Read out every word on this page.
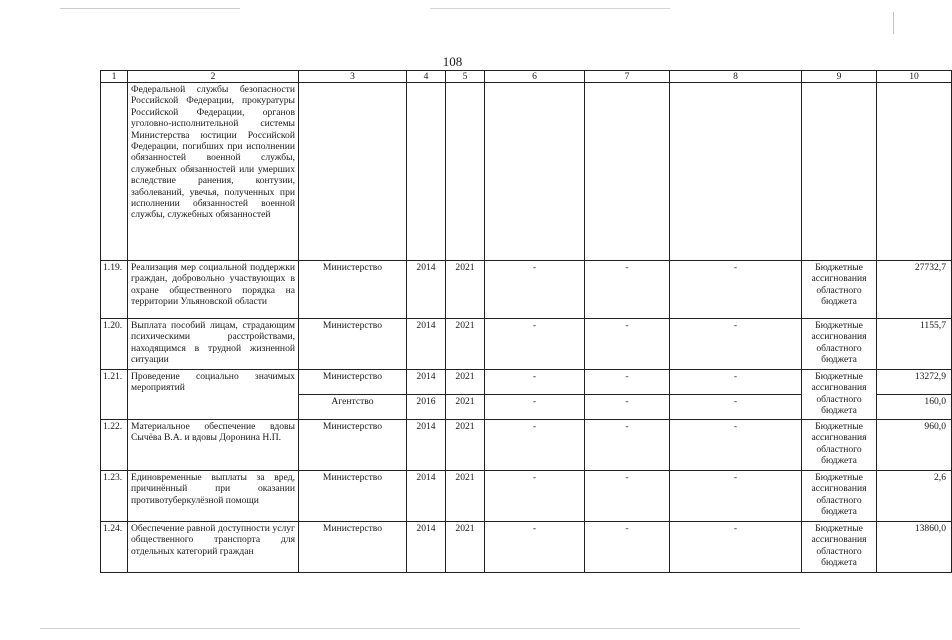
108
1	2	3	4	5	6	7	8	9	10
	Федеральной службы безопасности Российской Федерации, прокуратуры Российской Федерации, органов уголовно-исполнительной системы Министерства юстиции Российской Федерации, погибших при исполнении обязанностей военной службы, служебных обязанностей или умерших вследствие ранения, контузии, заболеваний, увечья, полученных при исполнении обязанностей военной службы, служебных обязанностей								
1.19.	Реализация мер социальной поддержки граждан, добровольно участвующих в охране общественного порядка на территории Ульяновской области	Министерство	2014	2021	-	-	-	Бюджетные ассигнования областного бюджета	27732,7
1.20.	Выплата пособий лицам, страдающим психическими расстройствами, находящимся в трудной жизненной ситуации	Министерство	2014	2021	-	-	-	Бюджетные ассигнования областного бюджета	1155,7
1.21.	Проведение социально значимых мероприятий	Министерство	2014	2021	-	-	-	Бюджетные ассигнования областного бюджета	13272,9
		Агентство	2016	2021	-	-	-		160,0
1.22.	Материальное обеспечение вдовы Сычёва В.А. и вдовы Доронина Н.П.	Министерство	2014	2021	-	-	-	Бюджетные ассигнования областного бюджета	960,0
1.23.	Единовременные выплаты за вред, причинённый при оказании противотуберкулёзной помощи	Министерство	2014	2021	-	-	-	Бюджетные ассигнования областного бюджета	2,6
1.24.	Обеспечение равной доступности услуг общественного транспорта для отдельных категорий граждан	Министерство	2014	2021	-	-	-	Бюджетные ассигнования областного бюджета	13860,0
